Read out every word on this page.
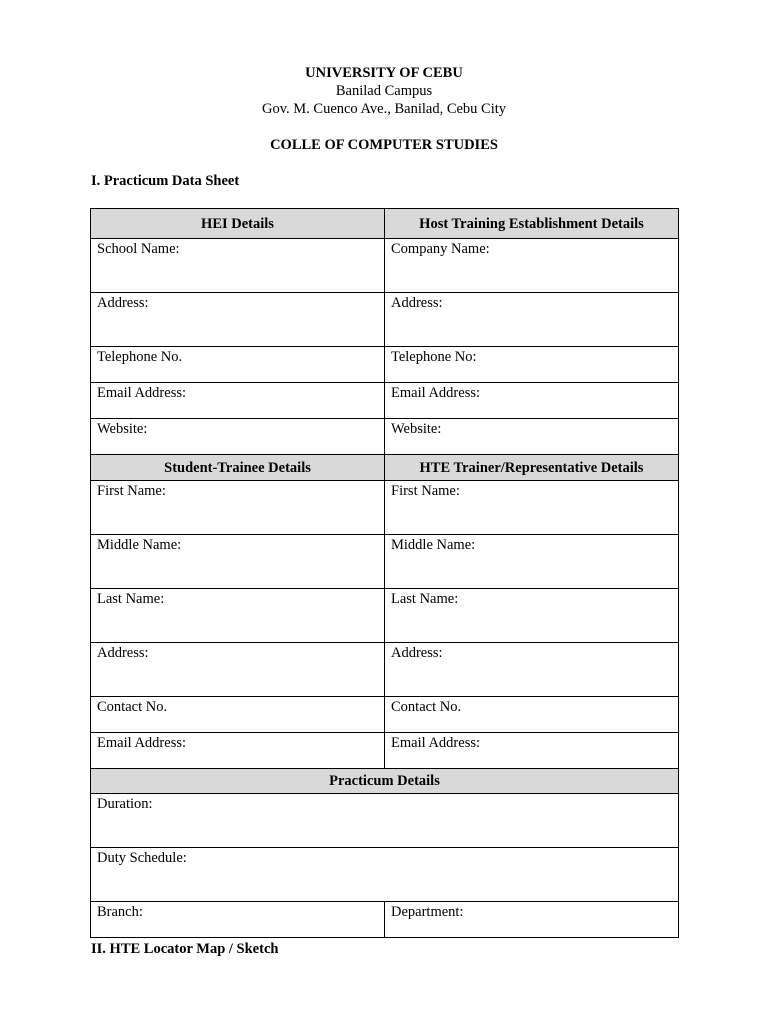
UNIVERSITY OF CEBU
Banilad Campus
Gov. M. Cuenco Ave., Banilad, Cebu City
COLLE OF COMPUTER STUDIES
I. Practicum Data Sheet
HEI Details	Host Training Establishment Details
School Name:	Company Name:
Address:	Address:
Telephone No.	Telephone No:
Email Address:	Email Address:
Website:	Website:
Student-Trainee Details	HTE Trainer/Representative Details
First Name:	First Name:
Middle Name:	Middle Name:
Last Name:	Last Name:
Address:	Address:
Contact No.	Contact No.
Email Address:	Email Address:
Practicum Details	
Duration:	
Duty Schedule:	
Branch:	Department:
II. HTE Locator Map / Sketch
